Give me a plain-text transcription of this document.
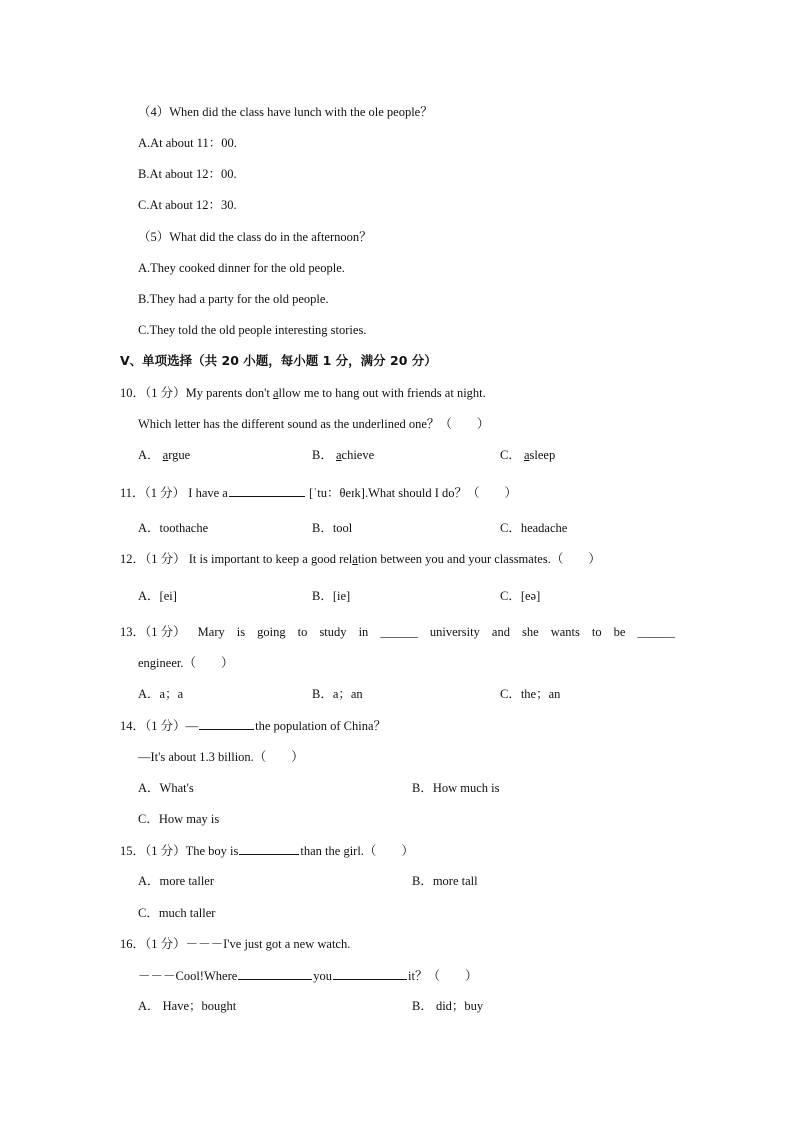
（4）When did the class have lunch with the ole people？
A.At about 11：00.
B.At about 12：00.
C.At about 12：30.
（5）What did the class do in the afternoon？
A.They cooked dinner for the old people.
B.They had a party for the old people.
C.They told the old people interesting stories.
V、单项选择（共 20 小题，每小题 1 分，满分 20 分）
10．（1 分）My parents don't allow me to hang out with friends at night.
Which letter has the different sound as the underlined one？（　　）
A． argue	B． achieve	C． asleep
11．（1 分） I have a	[ˈtu：θeɪk].What should I do？（　　）
A．toothache	B．tool	C．headache
12．（1 分） It is important to keep a good relation between you and your classmates.（　　）
A．[ei]	B．[ie]	C．[eə]
13．（1 分） Mary is going to study in ______ university and she wants to be ______
engineer.（　　）
A．a；a	B．a；an	C．the；an
14．（1 分）—	the population of China？
—It's about 1.3 billion.（　　）
A．What's	B．How much is
C．How may is
15．（1 分）The boy is	than the girl.（　　）
A．more taller	B．more tall
C．much taller
16．（1 分）－－－I've just got a new watch.
－－－Cool!Where	you	it？（　　）
A． Have；bought	B． did；buy
